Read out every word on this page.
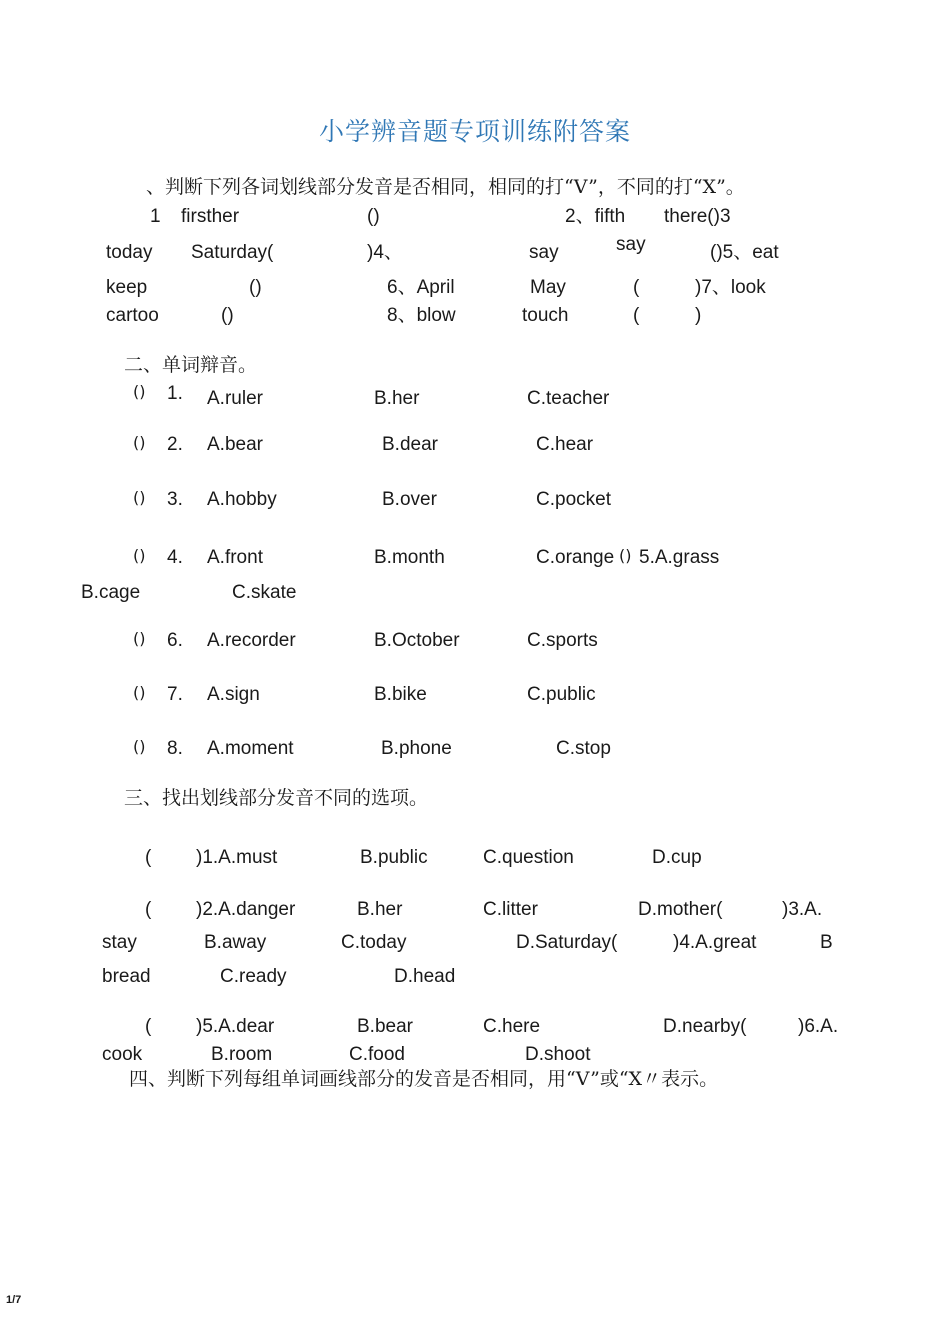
小学辨音题专项训练附答案
、判断下列各词划线部分发音是否相同，相同的打“V”，不同的打“X”。
1 firsther	()	2、fifth there()3
say
today Saturday(	)4、	say	()5、eat
keep	()	6、April	May	(	)7、look
cartoo	()	8、blow	touch	(	)
二、单词辩音。
() 1. A.ruler	B.her	C.teacher
() 2. A.bear	B.dear	C.hear
() 3. A.hobby	B.over	C.pocket
() 4. A.front	B.month	C.orange () 5.A.grass
B.cage	C.skate
() 6. A.recorder	B.October	C.sports
() 7. A.sign	B.bike	C.public
() 8. A.moment	B.phone	C.stop
三、找出划线部分发音不同的选项。
( )1.A.must	B.public	C.question	D.cup
( )2.A.danger	B.her	C.litter	D.mother(	)3.A.
stay	B.away	C.today	D.Saturday(	)4.A.great	B
bread	C.ready	D.head
( )5.A.dear	B.bear	C.here	D.nearby(	)6.A.
cook	B.room	C.food	D.shoot
四、判断下列每组单词画线部分的发音是否相同，用“V”或“X〃表示。
1/7
